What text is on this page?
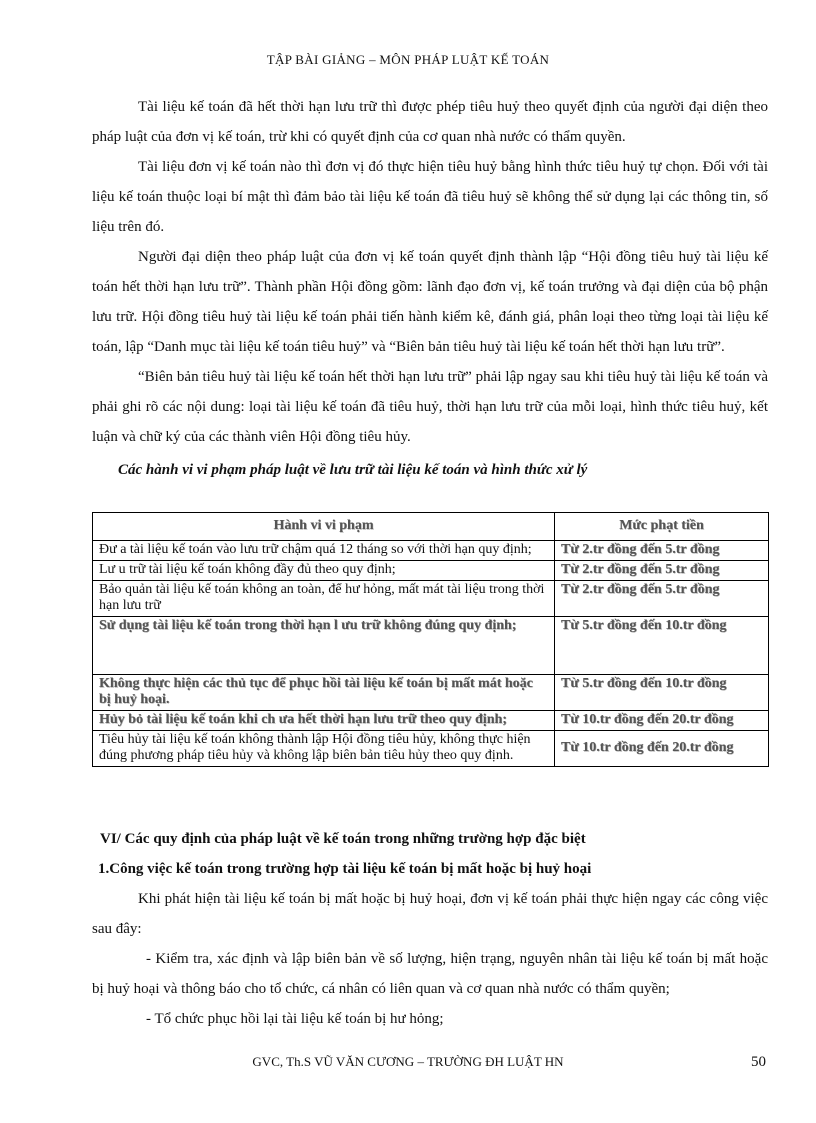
TẬP BÀI GIẢNG – MÔN PHÁP LUẬT KẾ TOÁN

Tài liệu kế toán đã hết thời hạn lưu trữ thì được phép tiêu huỷ theo quyết định của người đại diện theo pháp luật của đơn vị kế toán, trừ khi có quyết định của cơ quan nhà nước có thẩm quyền.

Tài liệu đơn vị kế toán nào thì đơn vị đó thực hiện tiêu huỷ bằng hình thức tiêu huỷ tự chọn. Đối với tài liệu kế toán thuộc loại bí mật thì đảm bảo tài liệu kế toán đã tiêu huỷ sẽ không thể sử dụng lại các thông tin, số liệu trên đó.

Người đại diện theo pháp luật của đơn vị kế toán quyết định thành lập “Hội đồng tiêu huỷ tài liệu kế toán hết thời hạn lưu trữ”. Thành phần Hội đồng gồm: lãnh đạo đơn vị, kế toán trưởng và đại diện của bộ phận lưu trữ. Hội đồng tiêu huỷ tài liệu kế toán phải tiến hành kiểm kê, đánh giá, phân loại theo từng loại tài liệu kế toán, lập “Danh mục tài liệu kế toán tiêu huỷ” và “Biên bản tiêu huỷ tài liệu kế toán hết thời hạn lưu trữ”.

“Biên bản tiêu huỷ tài liệu kế toán hết thời hạn lưu trữ” phải lập ngay sau khi tiêu huỷ tài liệu kế toán và phải ghi rõ các nội dung: loại tài liệu kế toán đã tiêu huỷ, thời hạn lưu trữ của mỗi loại, hình thức tiêu huỷ, kết luận và chữ ký của các thành viên Hội đồng tiêu hủy.

Các hành vi vi phạm pháp luật về lưu trữ tài liệu kế toán và hình thức xử lý
Hành vi vi phạm	Mức phạt tiền
Đư a tài liệu kế toán vào lưu trữ chậm quá 12 tháng so với thời hạn quy định;	Từ 2.tr đồng đến 5.tr đồng
Lư u trữ tài liệu kế toán không đầy đủ theo quy định;	Từ 2.tr đồng đến 5.tr đồng
Bảo quản tài liệu kế toán không an toàn, để hư hỏng, mất mát tài liệu trong thời hạn lưu trữ	Từ 2.tr đồng đến 5.tr đồng
Sử dụng tài liệu kế toán trong thời hạn l ưu trữ không đúng quy định;	Từ 5.tr đồng đến 10.tr đồng
Không thực hiện các thủ tục để phục hồi tài liệu kế toán bị mất mát hoặc bị huỷ hoại.	Từ 5.tr đồng đến 10.tr đồng
Hủy bỏ tài liệu kế toán khi ch ưa hết thời hạn lưu trữ theo quy định;	Từ 10.tr đồng đến 20.tr đồng
Tiêu hủy tài liệu kế toán không thành lập Hội đồng tiêu hủy, không thực hiện đúng phương pháp tiêu hủy và không lập biên bản tiêu hủy theo quy định.	Từ 10.tr đồng đến 20.tr đồng
VI/ Các quy định của pháp luật về kế toán trong những trường hợp đặc biệt
1.Công việc kế toán trong trường hợp tài liệu kế toán bị mất hoặc bị huỷ hoại

Khi phát hiện tài liệu kế toán bị mất hoặc bị huỷ hoại, đơn vị kế toán phải thực hiện ngay các công việc sau đây:

- Kiểm tra, xác định và lập biên bản về số lượng, hiện trạng, nguyên nhân tài liệu kế toán bị mất hoặc bị huỷ hoại và thông báo cho tổ chức, cá nhân có liên quan và cơ quan nhà nước có thẩm quyền;

- Tổ chức phục hồi lại tài liệu kế toán bị hư hỏng;

GVC, Th.S VŨ VĂN CƯƠNG – TRƯỜNG ĐH LUẬT HN	50
